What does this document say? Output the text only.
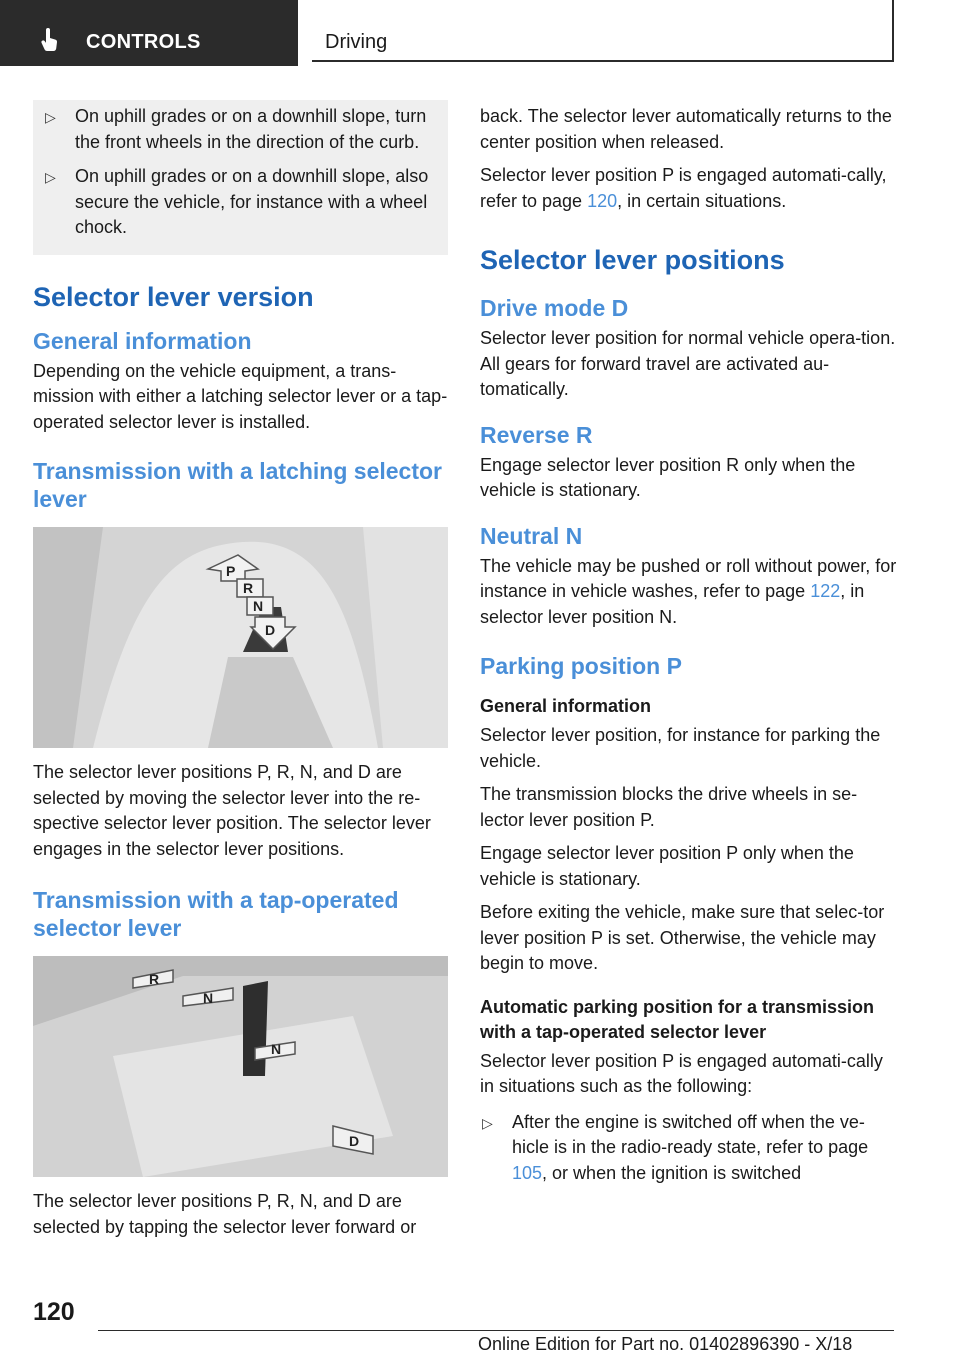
CONTROLS	Driving
▷ On uphill grades or on a downhill slope, turn the front wheels in the direction of the curb.
▷ On uphill grades or on a downhill slope, also secure the vehicle, for instance with a wheel chock.
Selector lever version
General information

Depending on the vehicle equipment, a trans-mission with either a latching selector lever or a tap-operated selector lever is installed.

Transmission with a latching selector lever
P
R
N
D

The selector lever positions P, R, N, and D are selected by moving the selector lever into the re-spective selector lever position. The selector lever engages in the selector lever positions.

Transmission with a tap-operated selector lever
R
N
N
D

The selector lever positions P, R, N, and D are selected by tapping the selector lever forward or

back. The selector lever automatically returns to the center position when released.

Selector lever position P is engaged automati-cally, refer to page 120, in certain situations.

Selector lever positions
Drive mode D

Selector lever position for normal vehicle opera-tion. All gears for forward travel are activated au-tomatically.

Reverse R

Engage selector lever position R only when the vehicle is stationary.

Neutral N

The vehicle may be pushed or roll without power, for instance in vehicle washes, refer to page 122, in selector lever position N.

Parking position P
General information

Selector lever position, for instance for parking the vehicle.

The transmission blocks the drive wheels in se-lector lever position P.

Engage selector lever position P only when the vehicle is stationary.

Before exiting the vehicle, make sure that selec-tor lever position P is set. Otherwise, the vehicle may begin to move.

Automatic parking position for a transmission with a tap-operated selector lever

Selector lever position P is engaged automati-cally in situations such as the following:

▷ After the engine is switched off when the ve-hicle is in the radio-ready state, refer to page 105, or when the ignition is switched
120
Online Edition for Part no. 01402896390 - X/18
